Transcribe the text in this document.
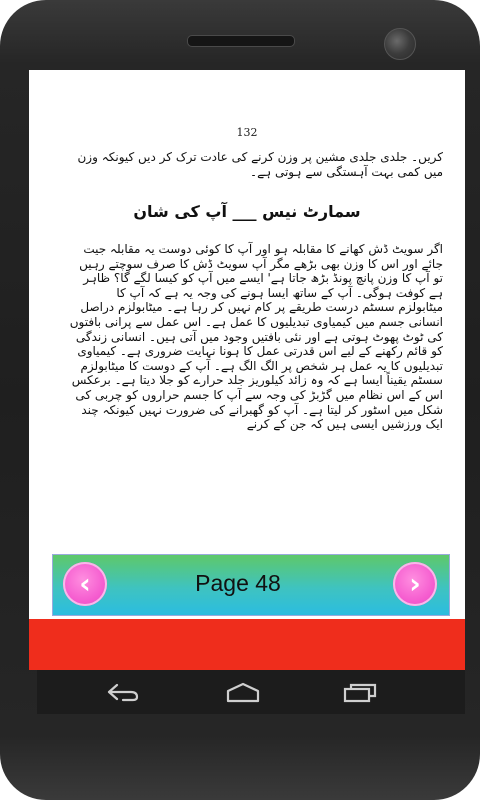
132
کریں۔ جلدی جلدی مشین پر وزن کرنے کی عادت ترک کر دیں کیونکہ وزن میں کمی بہت آہستگی سے ہوتی ہے۔
سمارٹ نیس ___ آپ کی شان
اگر سویٹ ڈش کھانے کا مقابلہ ہو اور آپ کا کوئی دوست یہ مقابلہ جیت جائے اور اس کا وزن بھی بڑھے مگر آپ سویٹ ڈش کا صرف سوچتے رہیں تو آپ کا وزن پانچ پونڈ بڑھ جاتا ہے' ایسے میں آپ کو کیسا لگے گا؟ ظاہر ہے کوفت ہوگی۔ آپ کے ساتھ ایسا ہونے کی وجہ یہ ہے کہ آپ کا میٹابولزم سسٹم درست طریقے پر کام نہیں کر رہا ہے۔ میٹابولزم دراصل انسانی جسم میں کیمیاوی تبدیلیوں کا عمل ہے۔ اس عمل سے پرانی بافتوں کی ٹوٹ پھوٹ ہوتی ہے اور نئی بافتیں وجود میں آتی ہیں۔ انسانی زندگی کو قائم رکھنے کے لیے اس قدرتی عمل کا ہونا نہایت ضروری ہے۔ کیمیاوی تبدیلیوں کا یہ عمل ہر شخص پر الگ الگ ہے۔ آپ کے دوست کا میٹابولزم سسٹم یقیناً ایسا ہے کہ وہ زائد کیلوریز جلد حرارے کو جلا دیتا ہے۔ برعکس اس کے اس نظام میں گڑبڑ کی وجہ سے آپ کا جسم حراروں کو چربی کی شکل میں اسٹور کر لیتا ہے۔ آپ کو گھبرانے کی ضرورت نہیں کیونکہ چند ایک ورزشیں ایسی ہیں کہ جن کے کرنے
‹	Page 48	›
